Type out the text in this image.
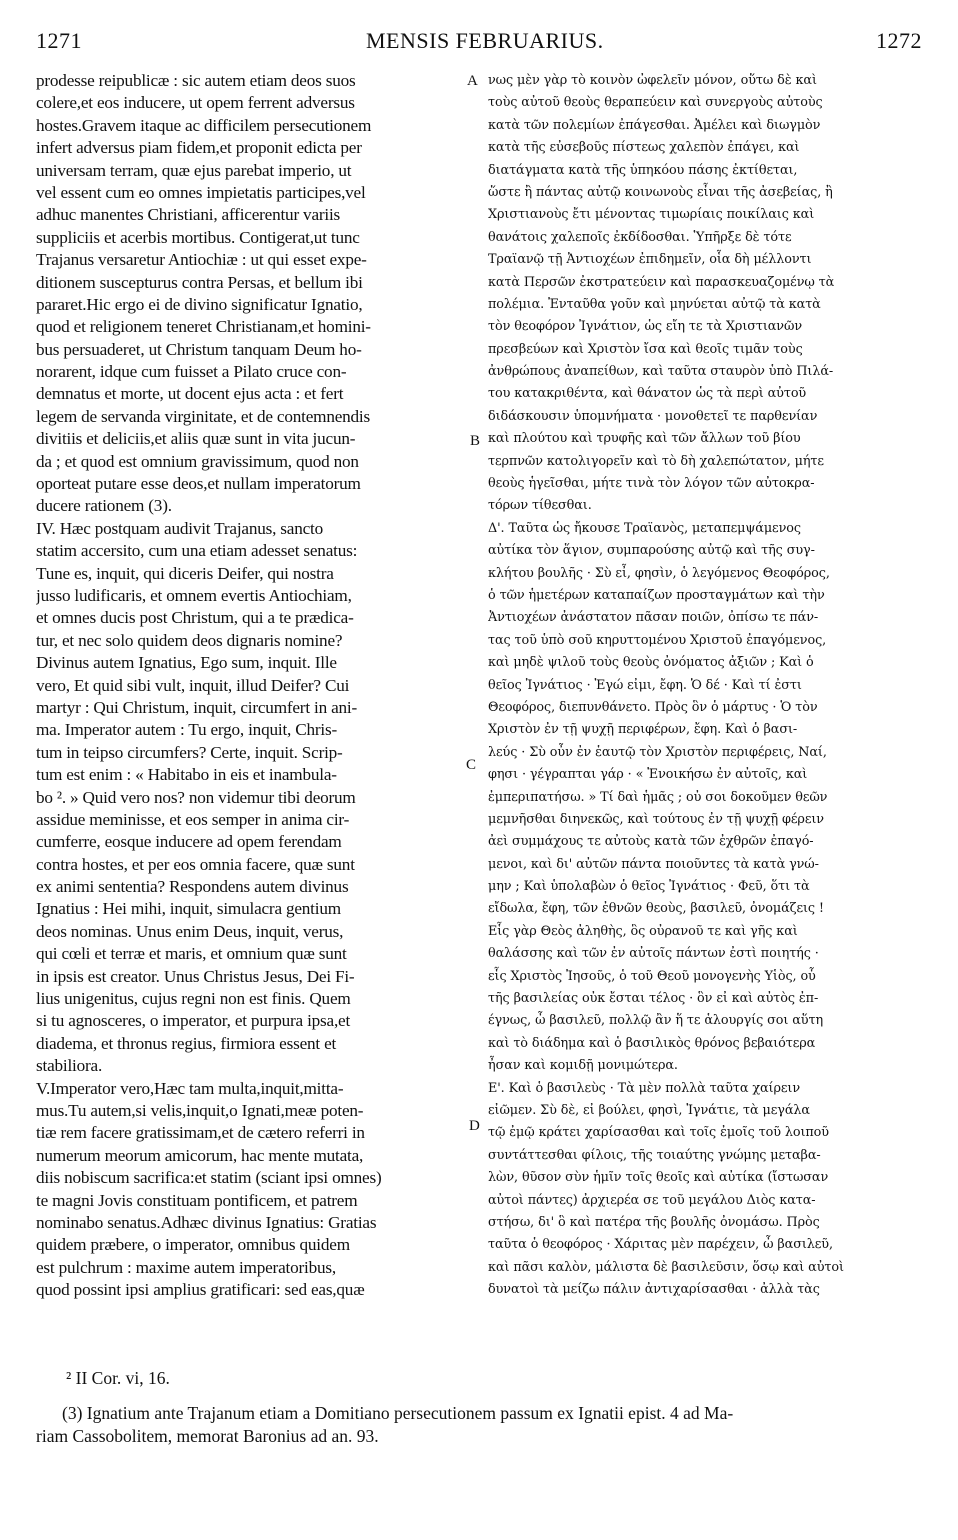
1271	MENSIS FEBRUARIUS.	1272
prodesse reipublicæ : sic autem etiam deos suos
colere,et eos inducere, ut opem ferrent adversus
hostes.Gravem itaque ac difficilem persecutionem
infert adversus piam fidem,et proponit edicta per
universam terram, quæ ejus parebat imperio, ut
vel essent cum eo omnes impietatis participes,vel
adhuc manentes Christiani, afficerentur variis
suppliciis et acerbis mortibus. Contigerat,ut tunc
Trajanus versaretur Antiochiæ : ut qui esset expe-
ditionem suscepturus contra Persas, et bellum ibi
pararet.Hic ergo ei de divino significatur Ignatio,
quod et religionem teneret Christianam,et homini-
bus persuaderet, ut Christum tanquam Deum ho-
norarent, idque cum fuisset a Pilato cruce con-
demnatus et morte, ut docent ejus acta : et fert
legem de servanda virginitate, et de contemnendis
divitiis et deliciis,et aliis quæ sunt in vita jucun-
da ; et quod est omnium gravissimum, quod non
oporteat putare esse deos,et nullam imperatorum
ducere rationem (3).
IV. Hæc postquam audivit Trajanus, sancto
statim accersito, cum una etiam adesset senatus:
Tune es, inquit, qui diceris Deifer, qui nostra
jusso ludificaris, et omnem evertis Antiochiam,
et omnes ducis post Christum, qui a te prædica-
tur, et nec solo quidem deos dignaris nomine?
Divinus autem Ignatius, Ego sum, inquit. Ille
vero, Et quid sibi vult, inquit, illud Deifer? Cui
martyr : Qui Christum, inquit, circumfert in ani-
ma. Imperator autem : Tu ergo, inquit, Chris-
tum in teipso circumfers? Certe, inquit. Scrip-
tum est enim : « Habitabo in eis et inambula-
bo ². » Quid vero nos? non videmur tibi deorum
assidue meminisse, et eos semper in anima cir-
cumferre, eosque inducere ad opem ferendam
contra hostes, et per eos omnia facere, quæ sunt
ex animi sententia? Respondens autem divinus
Ignatius : Hei mihi, inquit, simulacra gentium
deos nominas. Unus enim Deus, inquit, verus,
qui cœli et terræ et maris, et omnium quæ sunt
in ipsis est creator. Unus Christus Jesus, Dei Fi-
lius unigenitus, cujus regni non est finis. Quem
si tu agnosceres, o imperator, et purpura ipsa,et
diadema, et thronus regius, firmiora essent et
stabiliora.
V.Imperator vero,Hæc tam multa,inquit,mitta-
mus.Tu autem,si velis,inquit,o Ignati,meæ poten-
tiæ rem facere gratissimam,et de cætero referri in
numerum meorum amicorum, hac mente mutata,
diis nobiscum sacrifica:et statim (sciant ipsi omnes)
te magni Jovis constituam pontificem, et patrem
nominabo senatus.Adhæc divinus Ignatius: Gratias
quidem præbere, o imperator, omnibus quidem
est pulchrum : maxime autem imperatoribus,
quod possint ipsi amplius gratificari: sed eas,quæ
νως μὲν γὰρ τὸ κοινὸν ὠφελεῖν μόνον, οὕτω δὲ καὶ
τοὺς αὐτοῦ θεοὺς θεραπεύειν καὶ συνεργοὺς αὐτοὺς
κατὰ τῶν πολεμίων ἐπάγεσθαι. Ἀμέλει καὶ διωγμὸν
κατὰ τῆς εὐσεβοῦς πίστεως χαλεπὸν ἐπάγει, καὶ
διατάγματα κατὰ τῆς ὑπηκόου πάσης ἐκτίθεται,
ὥστε ἢ πάντας αὐτῷ κοινωνοὺς εἶναι τῆς ἀσεβείας, ἢ
Χριστιανοὺς ἔτι μένοντας τιμωρίαις ποικίλαις καὶ
θανάτοις χαλεποῖς ἐκδίδοσθαι. Ὑπῆρξε δὲ τότε
Τραϊανῷ τῇ Ἀντιοχέων ἐπιδημεῖν, οἷα δὴ μέλλοντι
κατὰ Περσῶν ἐκστρατεύειν καὶ παρασκευαζομένῳ τὰ
πολέμια. Ἐνταῦθα γοῦν καὶ μηνύεται αὐτῷ τὰ κατὰ
τὸν θεοφόρον Ἰγνάτιον, ὡς εἴη τε τὰ Χριστιανῶν
πρεσβεύων καὶ Χριστὸν ἴσα καὶ θεοῖς τιμᾶν τοὺς
ἀνθρώπους ἀναπείθων, καὶ ταῦτα σταυρὸν ὑπὸ Πιλά-
του κατακριθέντα, καὶ θάνατον ὡς τὰ περὶ αὐτοῦ
διδάσκουσιν ὑπομνήματα · μονοθετεῖ τε παρθενίαν
καὶ πλούτου καὶ τρυφῆς καὶ τῶν ἄλλων τοῦ βίου
τερπνῶν κατολιγορεῖν καὶ τὸ δὴ χαλεπώτατον, μήτε
θεοὺς ἡγεῖσθαι, μήτε τινὰ τὸν λόγον τῶν αὐτοκρα-
τόρων τίθεσθαι.
Δ'. Ταῦτα ὡς ἤκουσε Τραϊανὸς, μεταπεμψάμενος
αὐτίκα τὸν ἅγιον, συμπαρούσης αὐτῷ καὶ τῆς συγ-
κλήτου βουλῆς · Σὺ εἶ, φησὶν, ὁ λεγόμενος Θεοφόρος,
ὁ τῶν ἡμετέρων καταπαίζων προσταγμάτων καὶ τὴν
Ἀντιοχέων ἀνάστατον πᾶσαν ποιῶν, ὀπίσω τε πάν-
τας τοῦ ὑπὸ σοῦ κηρυττομένου Χριστοῦ ἐπαγόμενος,
καὶ μηδὲ ψιλοῦ τοὺς θεοὺς ὀνόματος ἀξιῶν ; Καὶ ὁ
θεῖος Ἰγνάτιος · Ἐγώ εἰμι, ἔφη. Ὁ δέ · Καὶ τί ἐστι
Θεοφόρος, διεπυνθάνετο. Πρὸς ὃν ὁ μάρτυς · Ὁ τὸν
Χριστὸν ἐν τῇ ψυχῇ περιφέρων, ἔφη. Καὶ ὁ βασι-
λεύς · Σὺ οὖν ἐν ἑαυτῷ τὸν Χριστὸν περιφέρεις, Ναί,
φησι · γέγραπται γάρ · « Ἐνοικήσω ἐν αὐτοῖς, καὶ
ἐμπεριπατήσω. » Τί δαὶ ἡμᾶς ; οὐ σοι δοκοῦμεν θεῶν
μεμνῆσθαι διηνεκῶς, καὶ τούτους ἐν τῇ ψυχῇ φέρειν
ἀεὶ συμμάχους τε αὐτοὺς κατὰ τῶν ἐχθρῶν ἐπαγό-
μενοι, καὶ δι' αὐτῶν πάντα ποιοῦντες τὰ κατὰ γνώ-
μην ; Καὶ ὑπολαβὼν ὁ θεῖος Ἰγνάτιος · Φεῦ, ὅτι τὰ
εἴδωλα, ἔφη, τῶν ἐθνῶν θεοὺς, βασιλεῦ, ὀνομάζεις !
Εἷς γὰρ Θεὸς ἀληθὴς, ὃς οὐρανοῦ τε καὶ γῆς καὶ
θαλάσσης καὶ τῶν ἐν αὐτοῖς πάντων ἐστὶ ποιητής ·
εἷς Χριστὸς Ἰησοῦς, ὁ τοῦ Θεοῦ μονογενὴς Υἱὸς, οὗ
τῆς βασιλείας οὐκ ἔσται τέλος · ὃν εἰ καὶ αὐτὸς ἐπ-
έγνως, ὦ βασιλεῦ, πολλῷ ἂν ἥ τε ἁλουργίς σοι αὕτη
καὶ τὸ διάδημα καὶ ὁ βασιλικὸς θρόνος βεβαιότερα
ἦσαν καὶ κομιδῇ μονιμώτερα.
Ε'. Καὶ ὁ βασιλεὺς · Τὰ μὲν πολλὰ ταῦτα χαίρειν
εἰῶμεν. Σὺ δὲ, εἰ βούλει, φησὶ, Ἰγνάτιε, τὰ μεγάλα
τῷ ἐμῷ κράτει χαρίσασθαι καὶ τοῖς ἐμοῖς τοῦ λοιποῦ
συντάττεσθαι φίλοις, τῆς τοιαύτης γνώμης μεταβα-
λὼν, θῦσον σὺν ἡμῖν τοῖς θεοῖς καὶ αὐτίκα (ἴστωσαν
αὐτοὶ πάντες) ἀρχιερέα σε τοῦ μεγάλου Διὸς κατα-
στήσω, δι' ὃ καὶ πατέρα τῆς βουλῆς ὀνομάσω. Πρὸς
ταῦτα ὁ θεοφόρος · Χάριτας μὲν παρέχειν, ὦ βασιλεῦ,
καὶ πᾶσι καλὸν, μάλιστα δὲ βασιλεῦσιν, ὅσῳ καὶ αὐτοὶ
δυνατοὶ τὰ μείζω πάλιν ἀντιχαρίσασθαι · ἀλλὰ τὰς
A
B
C
D
² II Cor. vi, 16.
(3) Ignatium ante Trajanum etiam a Domitiano persecutionem passum ex Ignatii epist. 4 ad Ma-
riam Cassobolitem, memorat Baronius ad an. 93.
